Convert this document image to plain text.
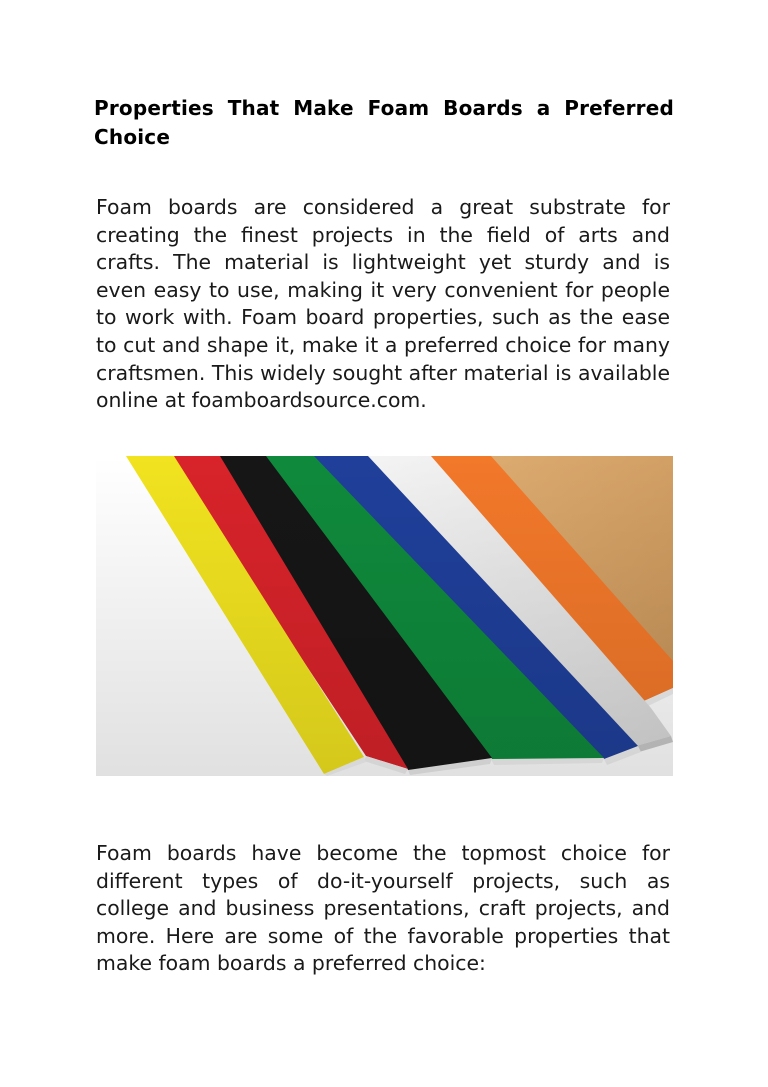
Properties That Make Foam Boards a Preferred Choice

Foam boards are considered a great substrate for creating the finest projects in the field of arts and crafts. The material is lightweight yet sturdy and is even easy to use, making it very convenient for people to work with. Foam board properties, such as the ease to cut and shape it, make it a preferred choice for many craftsmen. This widely sought after material is available online at foamboardsource.com.

Foam boards have become the topmost choice for different types of do-it-yourself projects, such as college and business presentations, craft projects, and more. Here are some of the favorable properties that make foam boards a preferred choice:
